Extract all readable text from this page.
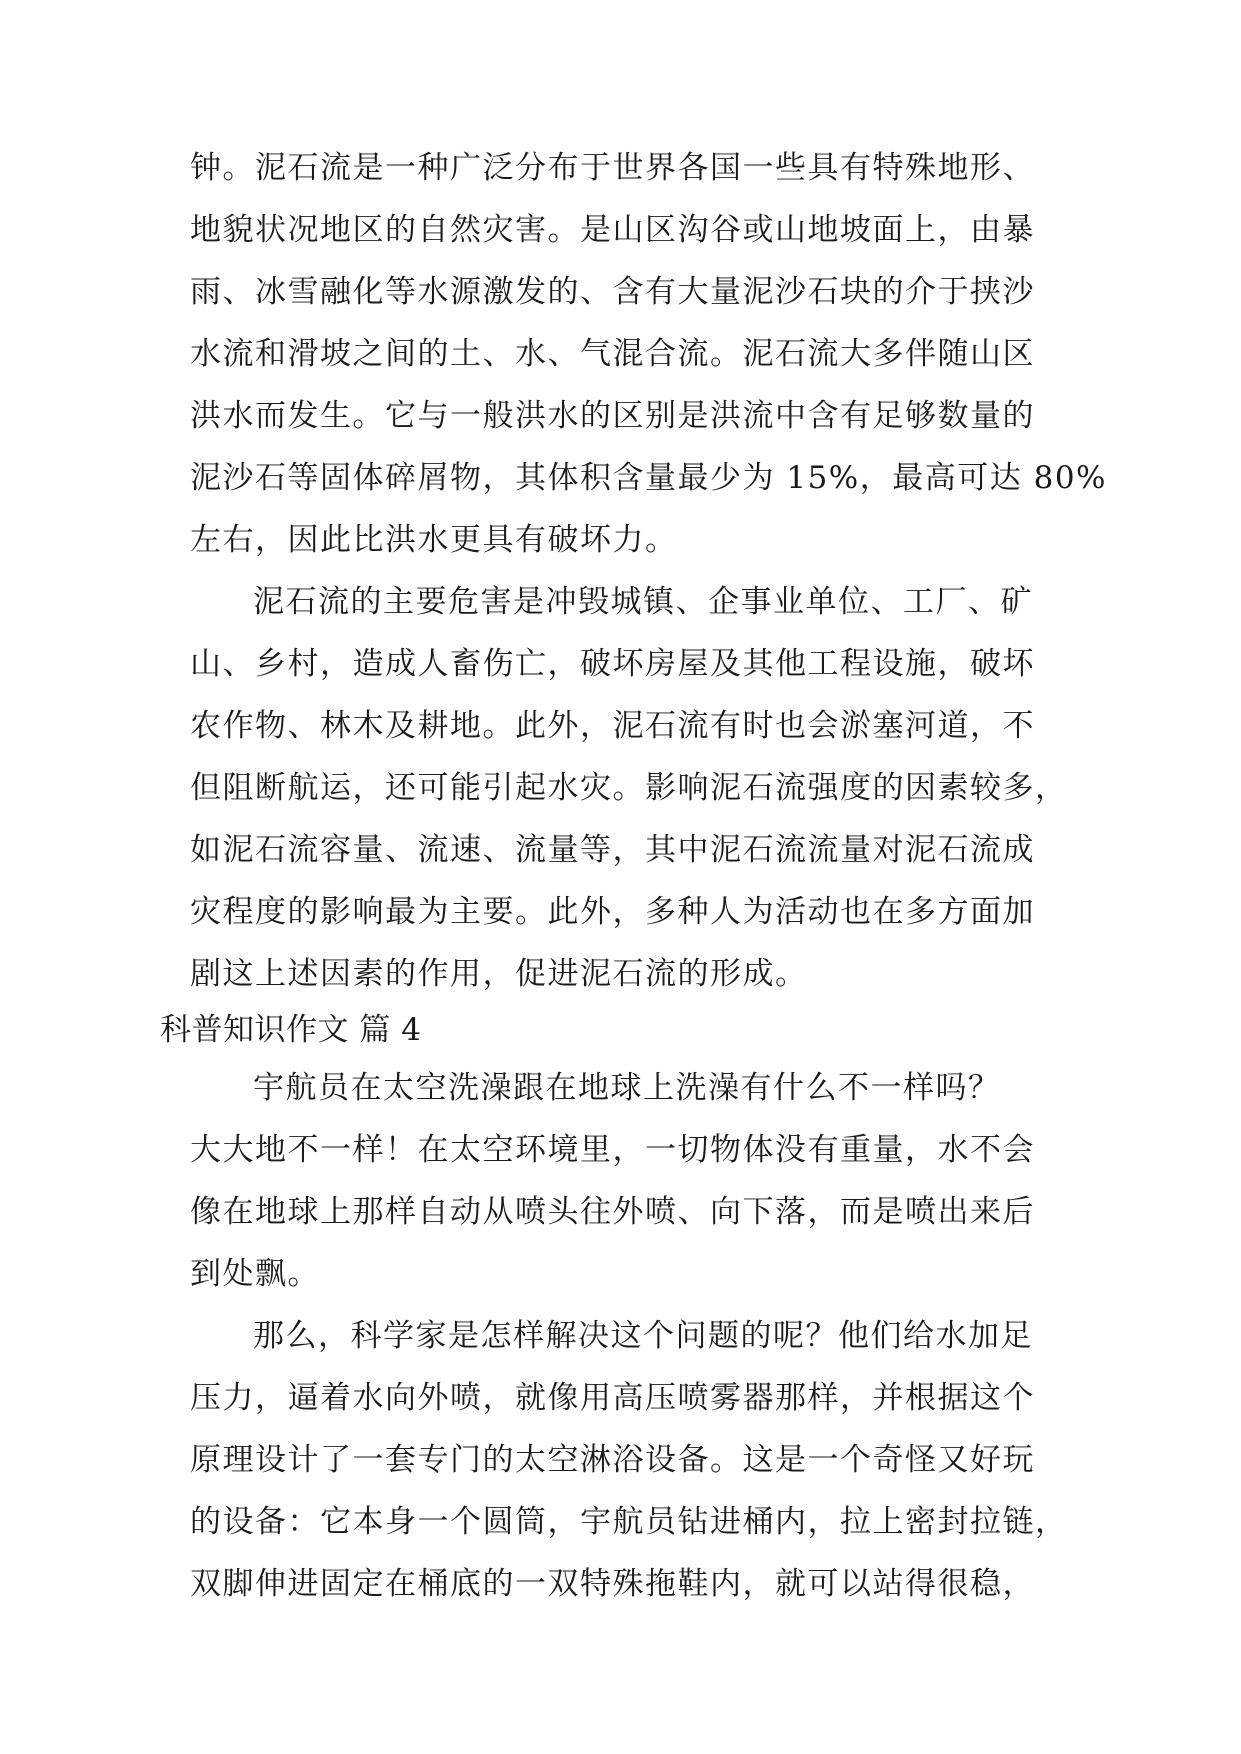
钟。泥石流是一种广泛分布于世界各国一些具有特殊地形、
地貌状况地区的自然灾害。是山区沟谷或山地坡面上，由暴
雨、冰雪融化等水源激发的、含有大量泥沙石块的介于挟沙
水流和滑坡之间的土、水、气混合流。泥石流大多伴随山区
洪水而发生。它与一般洪水的区别是洪流中含有足够数量的
泥沙石等固体碎屑物，其体积含量最少为 15%，最高可达 80%
左右，因此比洪水更具有破坏力。
泥石流的主要危害是冲毁城镇、企事业单位、工厂、矿
山、乡村，造成人畜伤亡，破坏房屋及其他工程设施，破坏
农作物、林木及耕地。此外，泥石流有时也会淤塞河道，不
但阻断航运，还可能引起水灾。影响泥石流强度的因素较多，
如泥石流容量、流速、流量等，其中泥石流流量对泥石流成
灾程度的影响最为主要。此外，多种人为活动也在多方面加
剧这上述因素的作用，促进泥石流的形成。
科普知识作文 篇 4
宇航员在太空洗澡跟在地球上洗澡有什么不一样吗？
大大地不一样！在太空环境里，一切物体没有重量，水不会
像在地球上那样自动从喷头往外喷、向下落，而是喷出来后
到处飘。
那么，科学家是怎样解决这个问题的呢？他们给水加足
压力，逼着水向外喷，就像用高压喷雾器那样，并根据这个
原理设计了一套专门的太空淋浴设备。这是一个奇怪又好玩
的设备：它本身一个圆筒，宇航员钻进桶内，拉上密封拉链，
双脚伸进固定在桶底的一双特殊拖鞋内，就可以站得很稳，
